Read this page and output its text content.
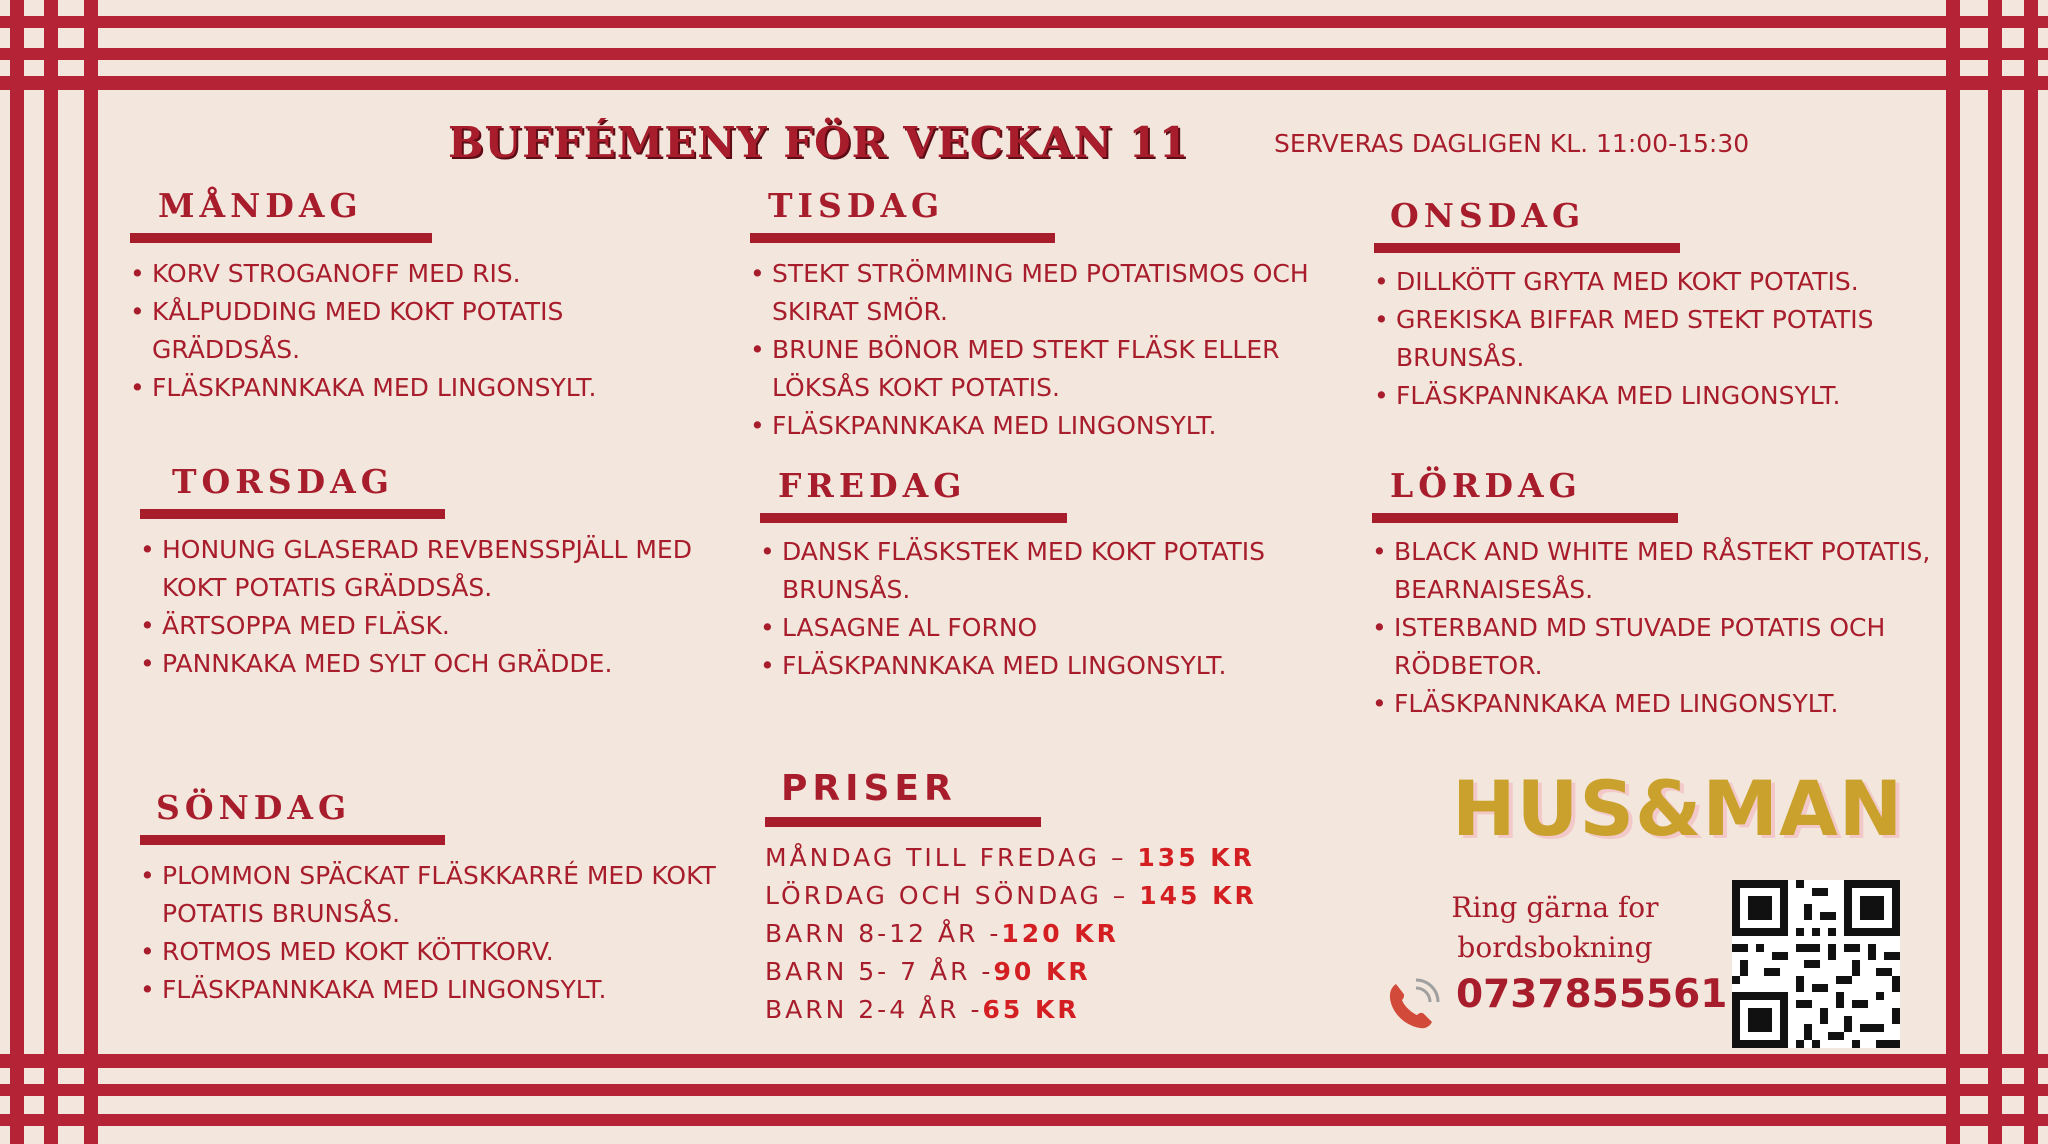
BUFFÉMENY FÖR VECKAN 11	SERVERAS DAGLIGEN KL. 11:00-15:30
MÅNDAG
• KORV STROGANOFF MED RIS.
• KÅLPUDDING MED KOKT POTATIS GRÄDDSÅS.
• FLÄSKPANNKAKA MED LINGONSYLT.
TISDAG
• STEKT STRÖMMING MED POTATISMOS OCH SKIRAT SMÖR.
• BRUNE BÖNOR MED STEKT FLÄSK ELLER LÖKSÅS KOKT POTATIS.
• FLÄSKPANNKAKA MED LINGONSYLT.
ONSDAG
• DILLKÖTT GRYTA MED KOKT POTATIS.
• GREKISKA BIFFAR MED STEKT POTATIS BRUNSÅS.
• FLÄSKPANNKAKA MED LINGONSYLT.
TORSDAG
• HONUNG GLASERAD REVBENSSPJÄLL MED KOKT POTATIS GRÄDDSÅS.
• ÄRTSOPPA MED FLÄSK.
• PANNKAKA MED SYLT OCH GRÄDDE.
FREDAG
• DANSK FLÄSKSTEK MED KOKT POTATIS BRUNSÅS.
• LASAGNE AL FORNO
• FLÄSKPANNKAKA MED LINGONSYLT.
LÖRDAG
• BLACK AND WHITE MED RÅSTEKT POTATIS, BEARNAISESÅS.
• ISTERBAND MD STUVADE POTATIS OCH RÖDBETOR.
• FLÄSKPANNKAKA MED LINGONSYLT.
SÖNDAG
• PLOMMON SPÄCKAT FLÄSKKARRÉ MED KOKT POTATIS BRUNSÅS.
• ROTMOS MED KOKT KÖTTKORV.
• FLÄSKPANNKAKA MED LINGONSYLT.
PRISER
MÅNDAG TILL FREDAG – 135 KR
LÖRDAG OCH SÖNDAG – 145 KR
BARN 8-12 ÅR -120 KR
BARN 5- 7 ÅR -90 KR
BARN 2-4 ÅR -65 KR
HUS&MAN
Ring gärna for bordsbokning
0737855561
